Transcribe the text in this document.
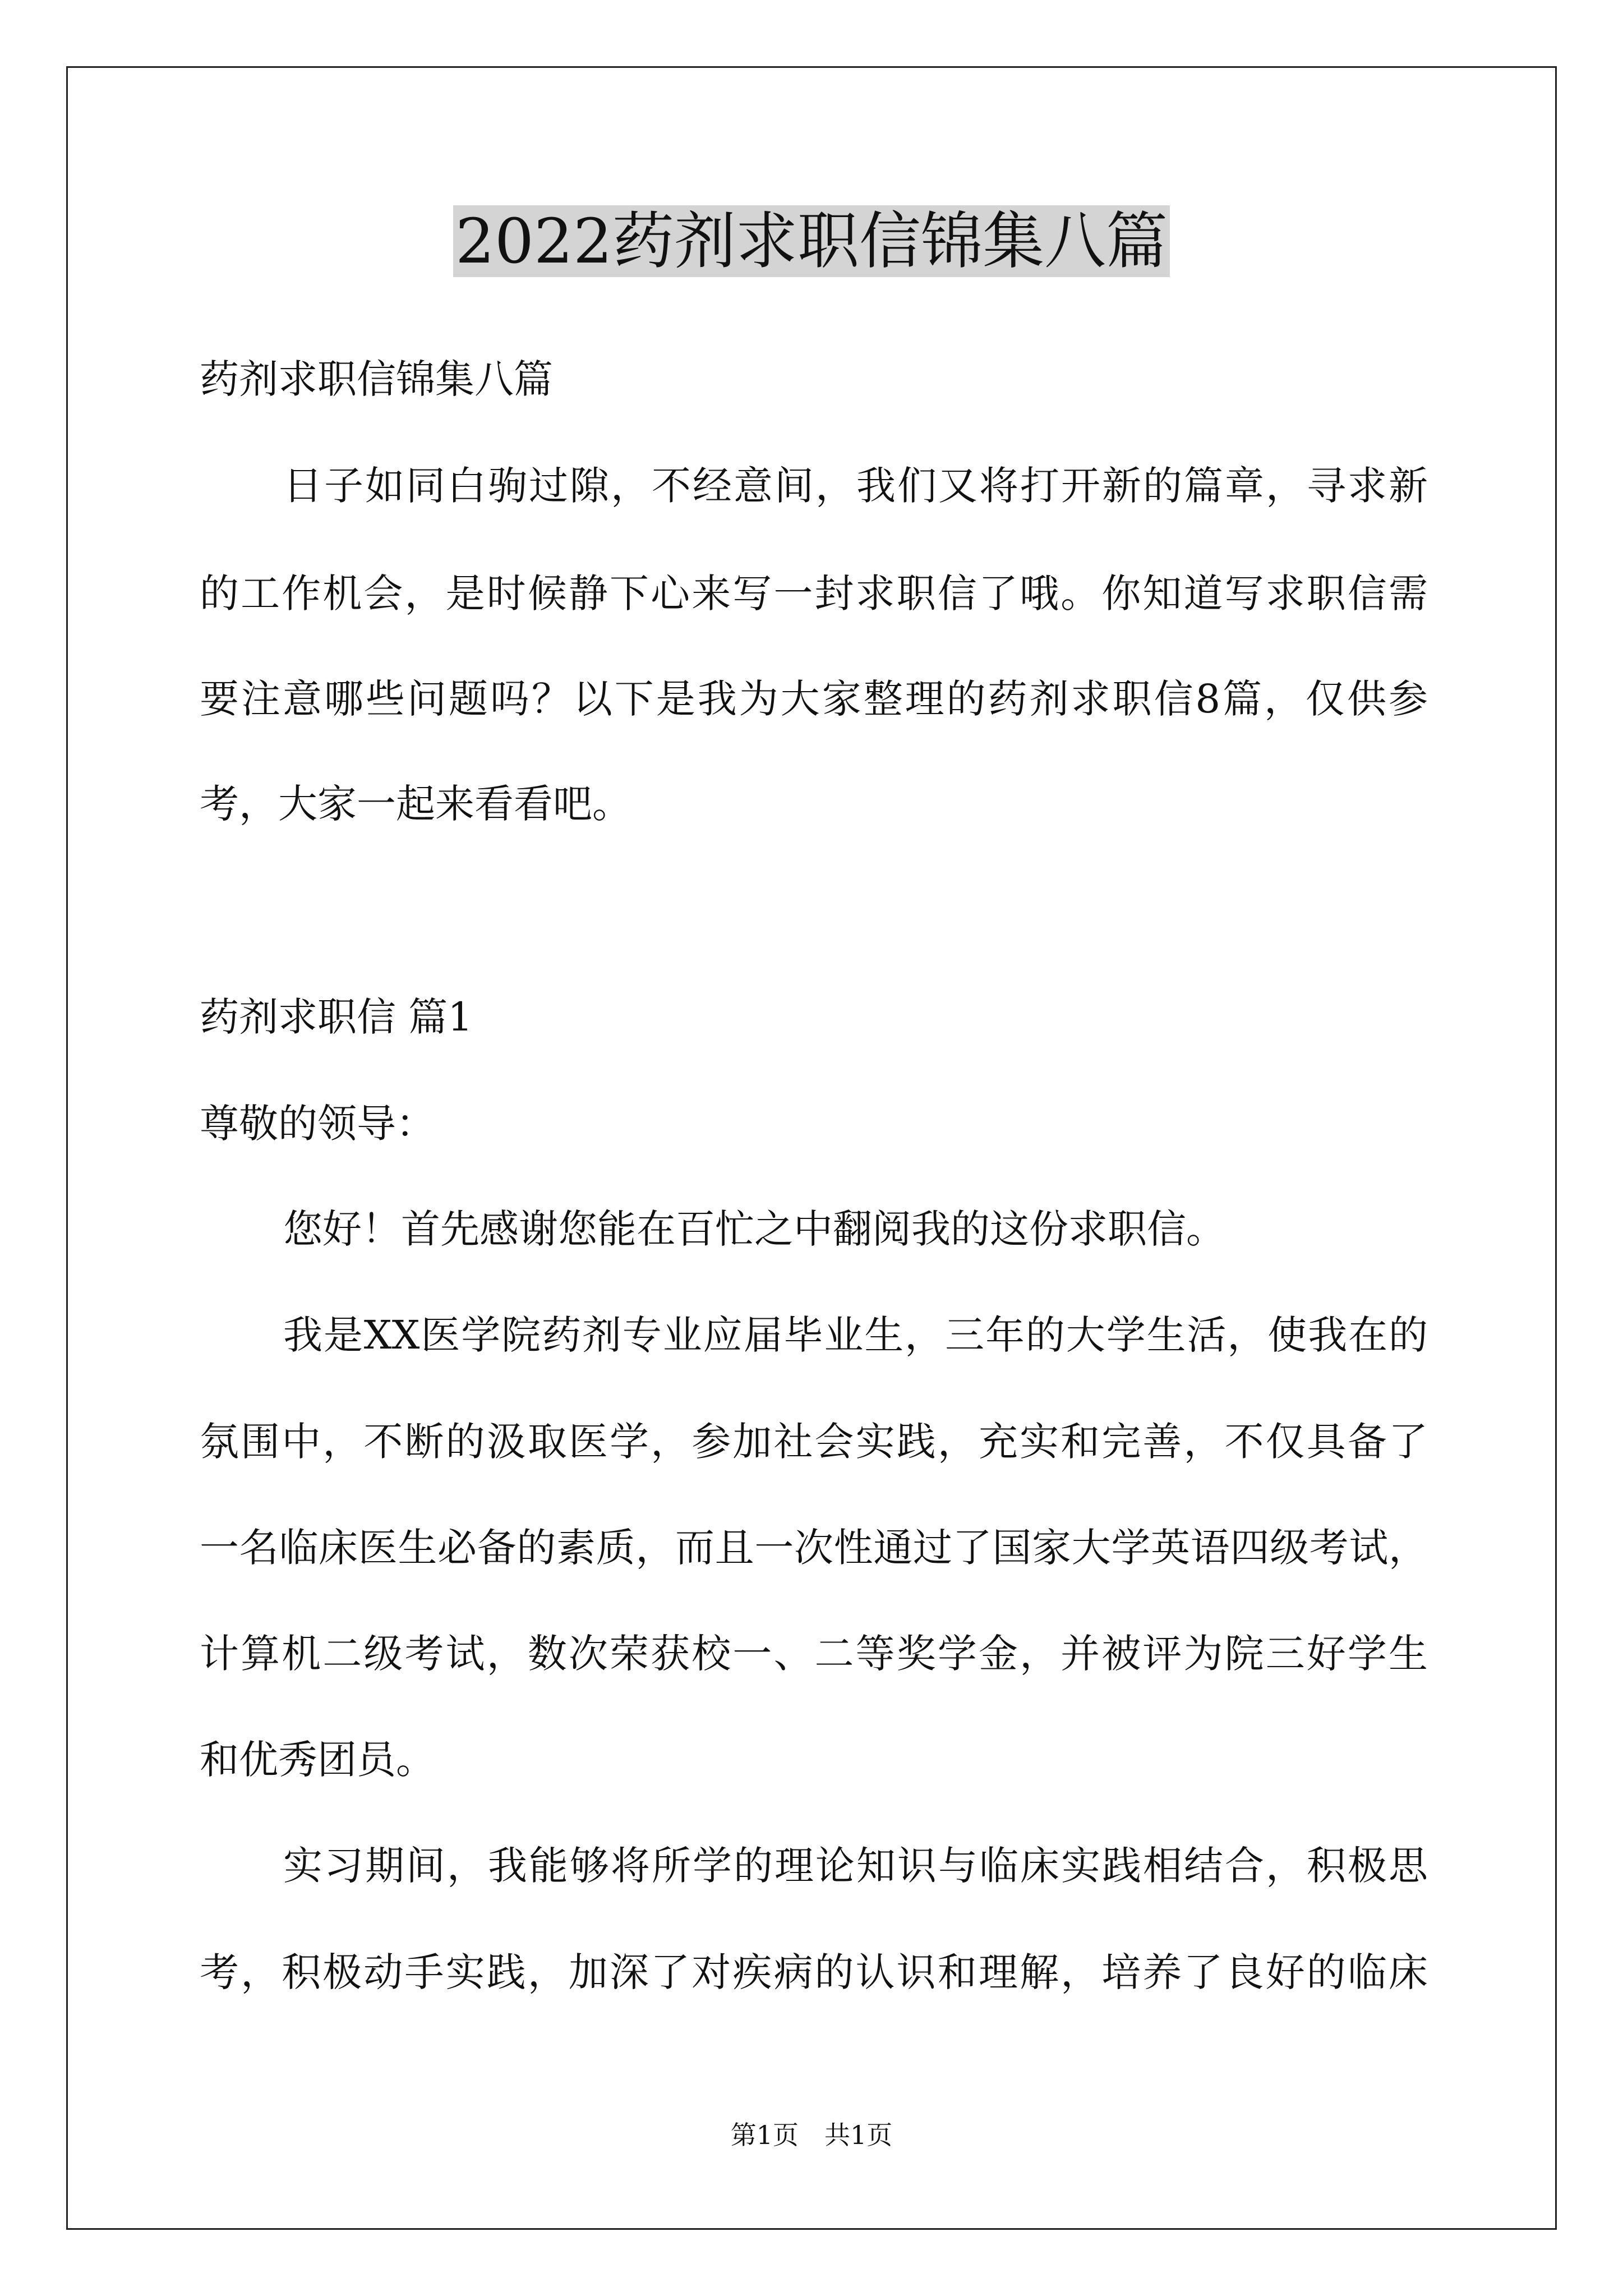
2022药剂求职信锦集八篇

药剂求职信锦集八篇

日子如同白驹过隙，不经意间，我们又将打开新的篇章，寻求新

的工作机会，是时候静下心来写一封求职信了哦。你知道写求职信需

要注意哪些问题吗？以下是我为大家整理的药剂求职信8篇，仅供参

考，大家一起来看看吧。

药剂求职信 篇1

尊敬的领导：

您好！首先感谢您能在百忙之中翻阅我的这份求职信。

我是XX医学院药剂专业应届毕业生，三年的大学生活，使我在的

氛围中，不断的汲取医学，参加社会实践，充实和完善，不仅具备了

一名临床医生必备的素质，而且一次性通过了国家大学英语四级考试，

计算机二级考试，数次荣获校一、二等奖学金，并被评为院三好学生

和优秀团员。

实习期间，我能够将所学的理论知识与临床实践相结合，积极思

考，积极动手实践，加深了对疾病的认识和理解，培养了良好的临床

第1页　共1页
